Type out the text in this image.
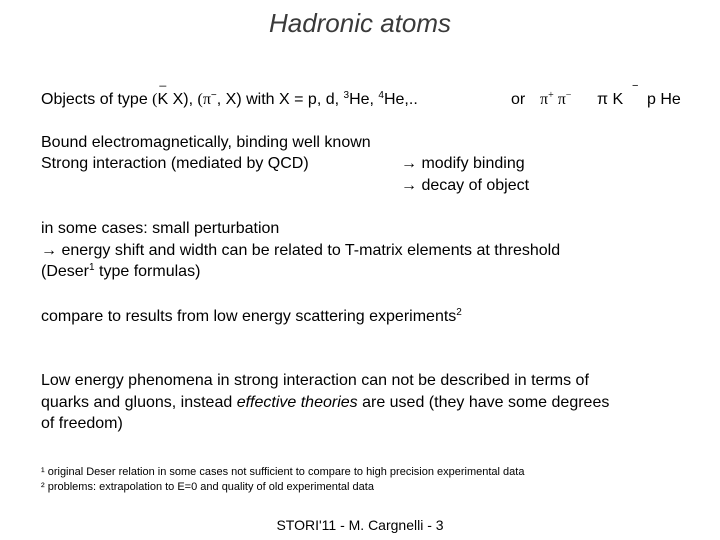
Hadronic atoms
Objects of type (_ K X), (π−, X) with X = p, d, $^3$He, $^4$He,..	or π+ π− π K
−
p He
Bound electromagnetically, binding well known
Strong interaction (mediated by QCD)	→ modify binding
→ decay of object
in some cases: small perturbation
→ energy shift and width can be related to T-matrix elements at threshold
(Deser$^1$ type formulas)
compare to results from low energy scattering experiments$^2$
Low energy phenomena in strong interaction can not be described in terms of
quarks and gluons, instead effective theories are used (they have some degrees
of freedom)
¹ original Deser relation in some cases not sufficient to compare to high precision experimental data
² problems: extrapolation to E=0 and quality of old experimental data
STORI'11 - M. Cargnelli - 3
